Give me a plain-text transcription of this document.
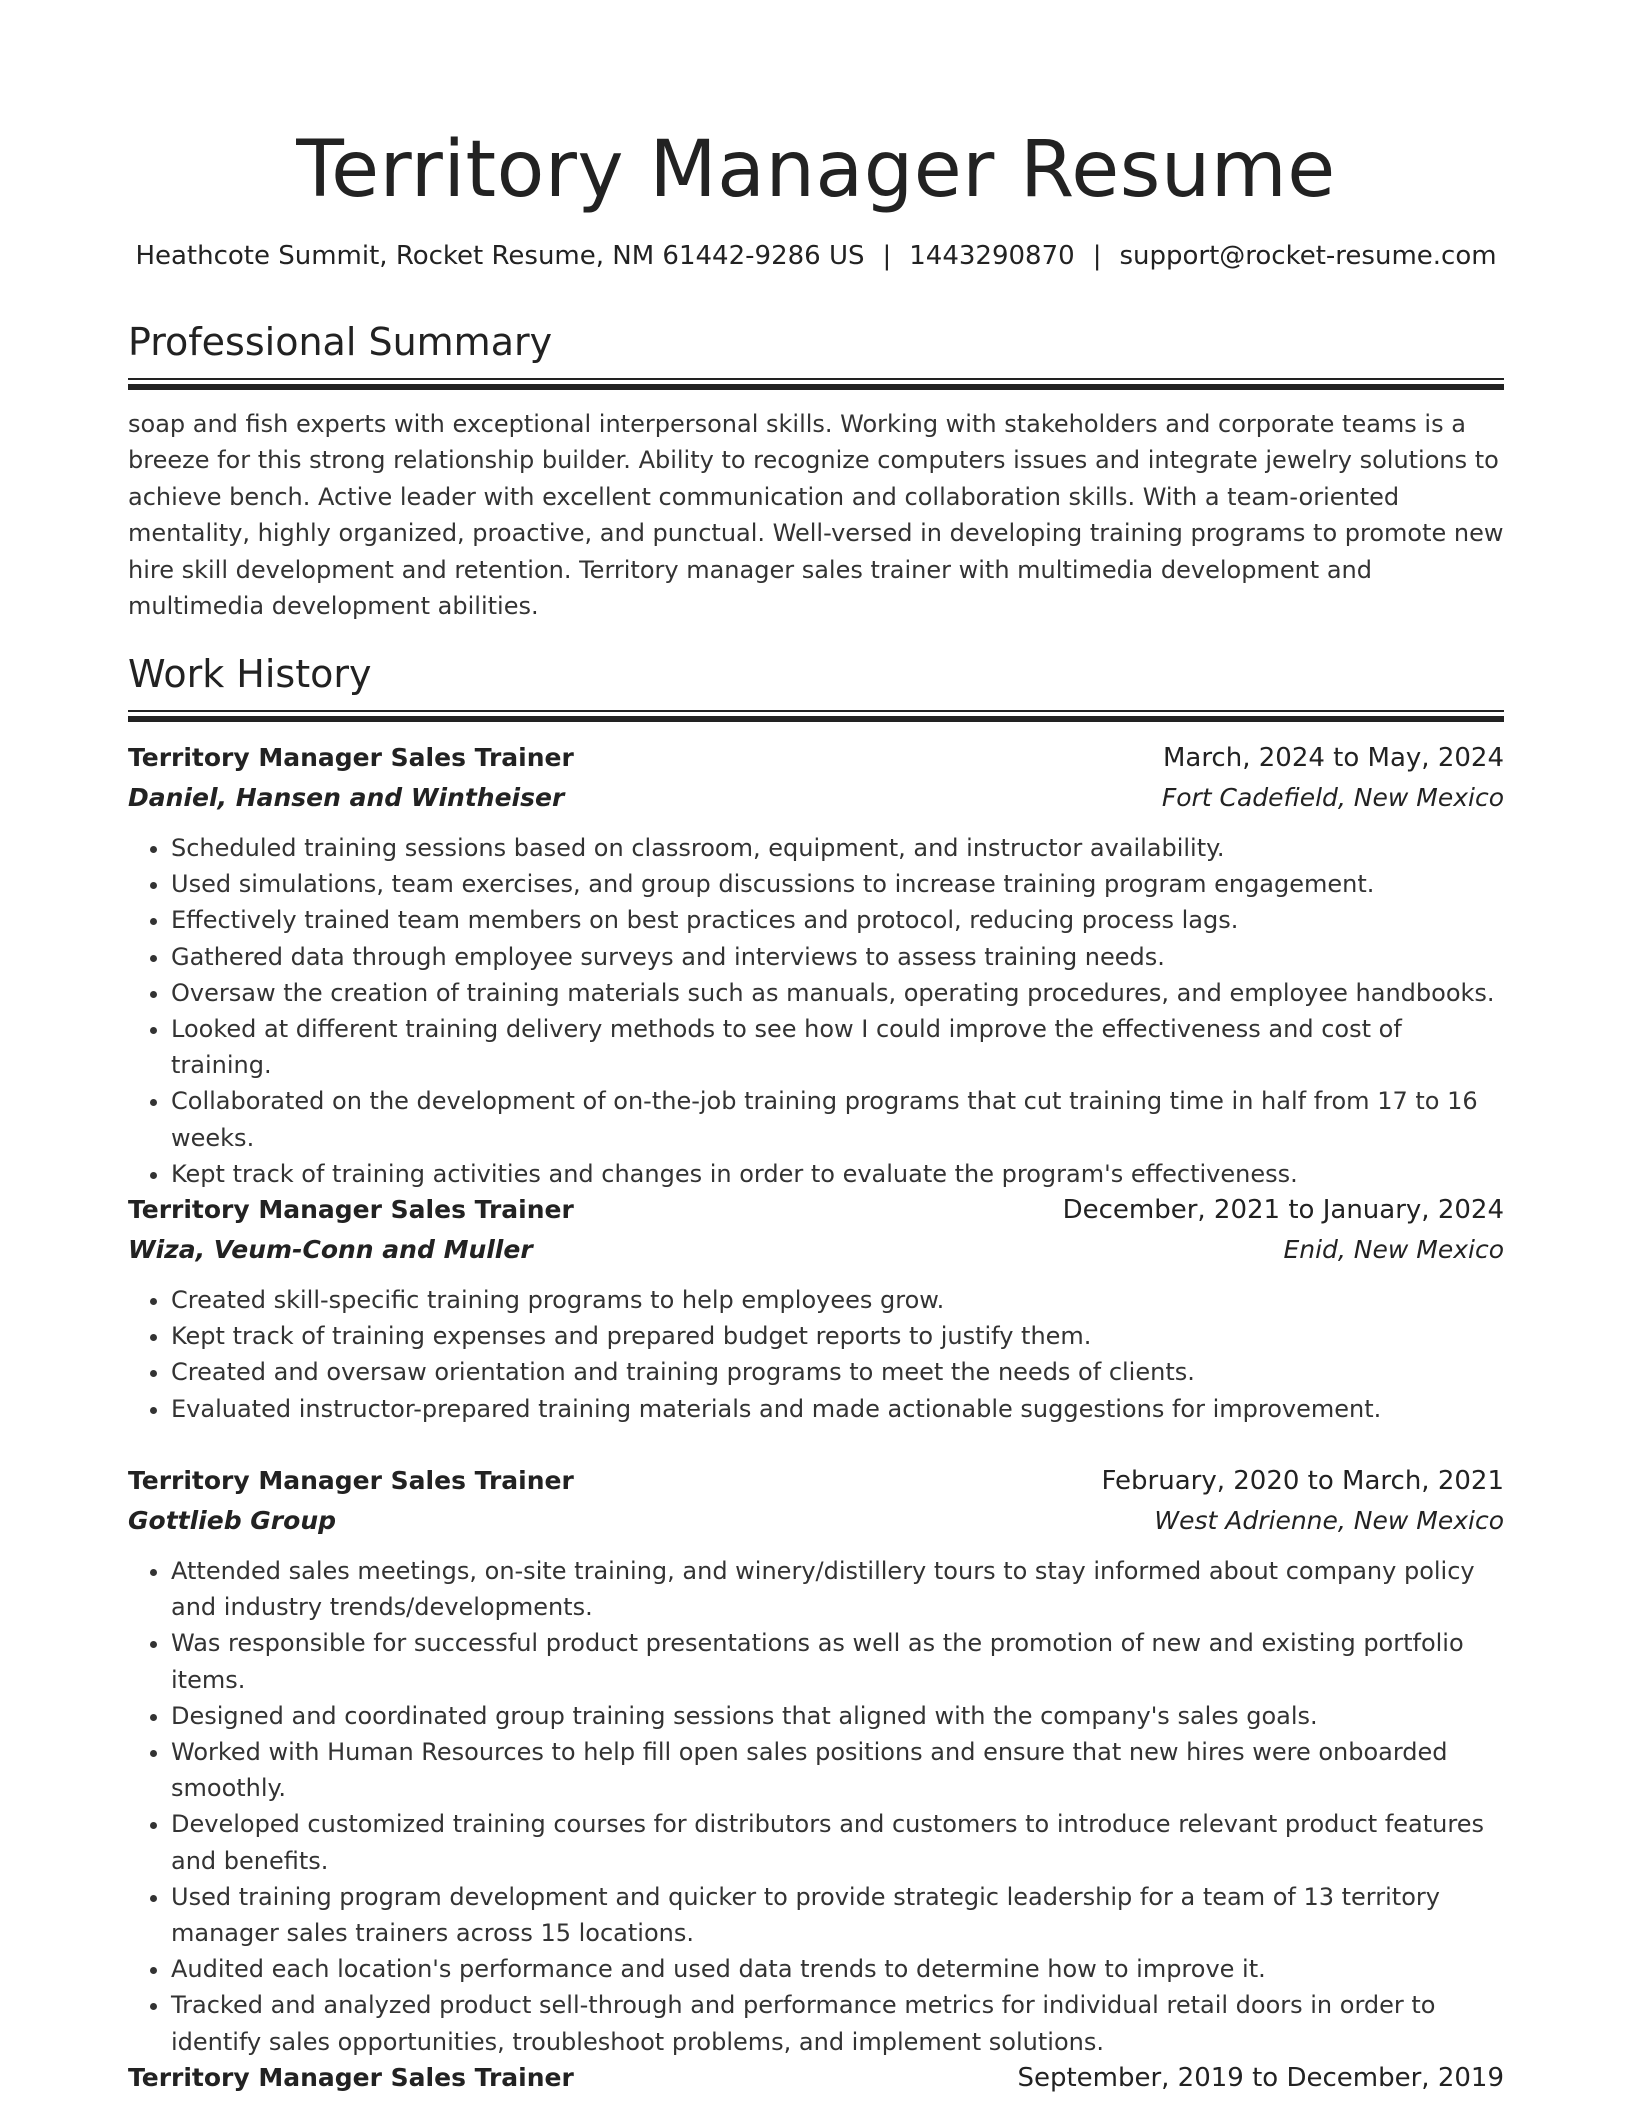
Territory Manager Resume
Heathcote Summit, Rocket Resume, NM 61442-9286 US | 1443290870 | support@rocket-resume.com
Professional Summary

soap and fish experts with exceptional interpersonal skills. Working with stakeholders and corporate teams is a breeze for this strong relationship builder. Ability to recognize computers issues and integrate jewelry solutions to achieve bench. Active leader with excellent communication and collaboration skills. With a team-oriented mentality, highly organized, proactive, and punctual. Well-versed in developing training programs to promote new hire skill development and retention. Territory manager sales trainer with multimedia development and multimedia development abilities.

Work History
Territory Manager Sales Trainer	March, 2024 to May, 2024
Daniel, Hansen and Wintheiser	Fort Cadefield, New Mexico
• Scheduled training sessions based on classroom, equipment, and instructor availability.
• Used simulations, team exercises, and group discussions to increase training program engagement.
• Effectively trained team members on best practices and protocol, reducing process lags.
• Gathered data through employee surveys and interviews to assess training needs.
• Oversaw the creation of training materials such as manuals, operating procedures, and employee handbooks.
• Looked at different training delivery methods to see how I could improve the effectiveness and cost of training.
• Collaborated on the development of on-the-job training programs that cut training time in half from 17 to 16 weeks.
• Kept track of training activities and changes in order to evaluate the program's effectiveness.
Territory Manager Sales Trainer	December, 2021 to January, 2024
Wiza, Veum-Conn and Muller	Enid, New Mexico
• Created skill-specific training programs to help employees grow.
• Kept track of training expenses and prepared budget reports to justify them.
• Created and oversaw orientation and training programs to meet the needs of clients.
• Evaluated instructor-prepared training materials and made actionable suggestions for improvement.
Territory Manager Sales Trainer	February, 2020 to March, 2021
Gottlieb Group	West Adrienne, New Mexico
• Attended sales meetings, on-site training, and winery/distillery tours to stay informed about company policy and industry trends/developments.
• Was responsible for successful product presentations as well as the promotion of new and existing portfolio items.
• Designed and coordinated group training sessions that aligned with the company's sales goals.
• Worked with Human Resources to help fill open sales positions and ensure that new hires were onboarded smoothly.
• Developed customized training courses for distributors and customers to introduce relevant product features and benefits.
• Used training program development and quicker to provide strategic leadership for a team of 13 territory manager sales trainers across 15 locations.
• Audited each location's performance and used data trends to determine how to improve it.
• Tracked and analyzed product sell-through and performance metrics for individual retail doors in order to identify sales opportunities, troubleshoot problems, and implement solutions.
Territory Manager Sales Trainer	September, 2019 to December, 2019
